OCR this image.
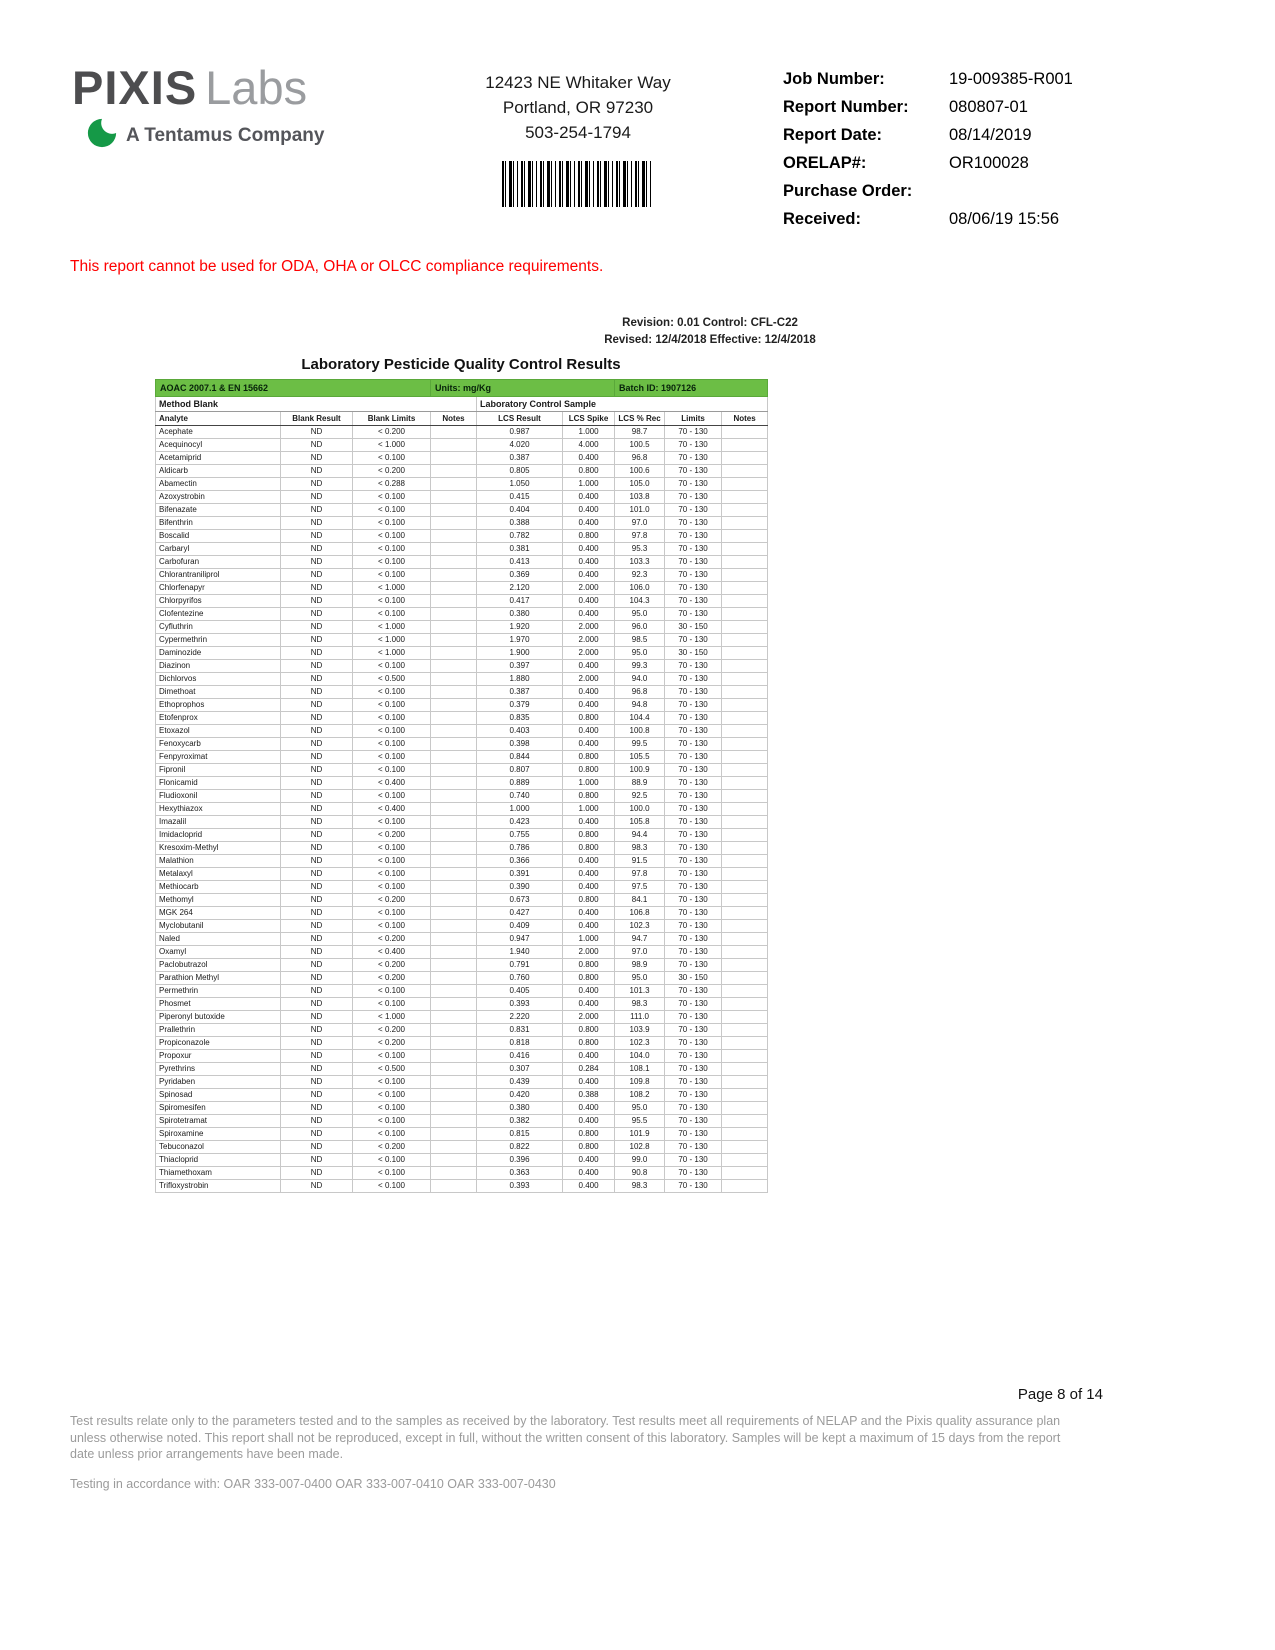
PIXIS Labs
A Tentamus Company
12423 NE Whitaker Way
Portland, OR 97230
503-254-1794
Job Number:	19-009385-R001
Report Number:	080807-01
Report Date:	08/14/2019
ORELAP#:	OR100028
Purchase Order:
Received:	08/06/19 15:56
This report cannot be used for ODA, OHA or OLCC compliance requirements.
Revision: 0.01 Control: CFL-C22
Revised: 12/4/2018 Effective: 12/4/2018
Laboratory Pesticide Quality Control Results
AOAC 2007.1 & EN 15662			Units: mg/Kg			Batch ID: 1907126		
Method Blank				Laboratory Control Sample				
Analyte	Blank Result	Blank Limits	Notes	LCS Result	LCS Spike	LCS % Rec	Limits	Notes
Acephate	ND	< 0.200		0.987	1.000	98.7	70 - 130	
Acequinocyl	ND	< 1.000		4.020	4.000	100.5	70 - 130	
Acetamiprid	ND	< 0.100		0.387	0.400	96.8	70 - 130	
Aldicarb	ND	< 0.200		0.805	0.800	100.6	70 - 130	
Abamectin	ND	< 0.288		1.050	1.000	105.0	70 - 130	
Azoxystrobin	ND	< 0.100		0.415	0.400	103.8	70 - 130	
Bifenazate	ND	< 0.100		0.404	0.400	101.0	70 - 130	
Bifenthrin	ND	< 0.100		0.388	0.400	97.0	70 - 130	
Boscalid	ND	< 0.100		0.782	0.800	97.8	70 - 130	
Carbaryl	ND	< 0.100		0.381	0.400	95.3	70 - 130	
Carbofuran	ND	< 0.100		0.413	0.400	103.3	70 - 130	
Chlorantraniliprol	ND	< 0.100		0.369	0.400	92.3	70 - 130	
Chlorfenapyr	ND	< 1.000		2.120	2.000	106.0	70 - 130	
Chlorpyrifos	ND	< 0.100		0.417	0.400	104.3	70 - 130	
Clofentezine	ND	< 0.100		0.380	0.400	95.0	70 - 130	
Cyfluthrin	ND	< 1.000		1.920	2.000	96.0	30 - 150	
Cypermethrin	ND	< 1.000		1.970	2.000	98.5	70 - 130	
Daminozide	ND	< 1.000		1.900	2.000	95.0	30 - 150	
Diazinon	ND	< 0.100		0.397	0.400	99.3	70 - 130	
Dichlorvos	ND	< 0.500		1.880	2.000	94.0	70 - 130	
Dimethoat	ND	< 0.100		0.387	0.400	96.8	70 - 130	
Ethoprophos	ND	< 0.100		0.379	0.400	94.8	70 - 130	
Etofenprox	ND	< 0.100		0.835	0.800	104.4	70 - 130	
Etoxazol	ND	< 0.100		0.403	0.400	100.8	70 - 130	
Fenoxycarb	ND	< 0.100		0.398	0.400	99.5	70 - 130	
Fenpyroximat	ND	< 0.100		0.844	0.800	105.5	70 - 130	
Fipronil	ND	< 0.100		0.807	0.800	100.9	70 - 130	
Flonicamid	ND	< 0.400		0.889	1.000	88.9	70 - 130	
Fludioxonil	ND	< 0.100		0.740	0.800	92.5	70 - 130	
Hexythiazox	ND	< 0.400		1.000	1.000	100.0	70 - 130	
Imazalil	ND	< 0.100		0.423	0.400	105.8	70 - 130	
Imidacloprid	ND	< 0.200		0.755	0.800	94.4	70 - 130	
Kresoxim-Methyl	ND	< 0.100		0.786	0.800	98.3	70 - 130	
Malathion	ND	< 0.100		0.366	0.400	91.5	70 - 130	
Metalaxyl	ND	< 0.100		0.391	0.400	97.8	70 - 130	
Methiocarb	ND	< 0.100		0.390	0.400	97.5	70 - 130	
Methomyl	ND	< 0.200		0.673	0.800	84.1	70 - 130	
MGK 264	ND	< 0.100		0.427	0.400	106.8	70 - 130	
Myclobutanil	ND	< 0.100		0.409	0.400	102.3	70 - 130	
Naled	ND	< 0.200		0.947	1.000	94.7	70 - 130	
Oxamyl	ND	< 0.400		1.940	2.000	97.0	70 - 130	
Paclobutrazol	ND	< 0.200		0.791	0.800	98.9	70 - 130	
Parathion Methyl	ND	< 0.200		0.760	0.800	95.0	30 - 150	
Permethrin	ND	< 0.100		0.405	0.400	101.3	70 - 130	
Phosmet	ND	< 0.100		0.393	0.400	98.3	70 - 130	
Piperonyl butoxide	ND	< 1.000		2.220	2.000	111.0	70 - 130	
Prallethrin	ND	< 0.200		0.831	0.800	103.9	70 - 130	
Propiconazole	ND	< 0.200		0.818	0.800	102.3	70 - 130	
Propoxur	ND	< 0.100		0.416	0.400	104.0	70 - 130	
Pyrethrins	ND	< 0.500		0.307	0.284	108.1	70 - 130	
Pyridaben	ND	< 0.100		0.439	0.400	109.8	70 - 130	
Spinosad	ND	< 0.100		0.420	0.388	108.2	70 - 130	
Spiromesifen	ND	< 0.100		0.380	0.400	95.0	70 - 130	
Spirotetramat	ND	< 0.100		0.382	0.400	95.5	70 - 130	
Spiroxamine	ND	< 0.100		0.815	0.800	101.9	70 - 130	
Tebuconazol	ND	< 0.200		0.822	0.800	102.8	70 - 130	
Thiacloprid	ND	< 0.100		0.396	0.400	99.0	70 - 130	
Thiamethoxam	ND	< 0.100		0.363	0.400	90.8	70 - 130	
Trifloxystrobin	ND	< 0.100		0.393	0.400	98.3	70 - 130	
Page 8 of 14
Test results relate only to the parameters tested and to the samples as received by the laboratory. Test results meet all requirements of NELAP and the Pixis quality assurance plan unless otherwise noted. This report shall not be reproduced, except in full, without the written consent of this laboratory. Samples will be kept a maximum of 15 days from the report date unless prior arrangements have been made.
Testing in accordance with: OAR 333-007-0400 OAR 333-007-0410 OAR 333-007-0430
